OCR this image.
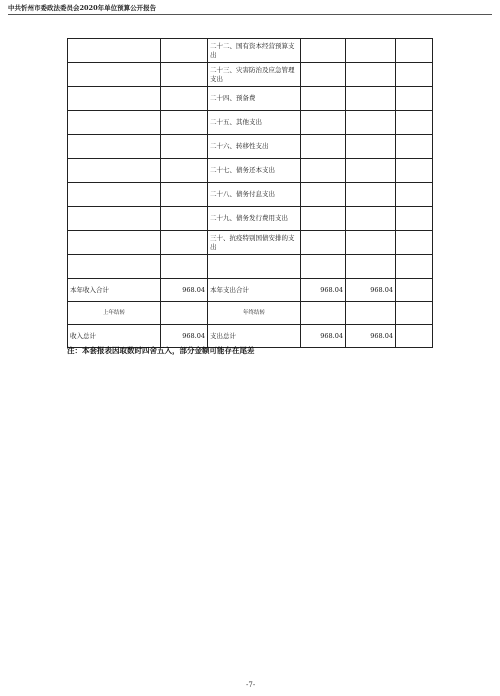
中共忻州市委政法委员会2020年单位预算公开报告
		二十二、国有资本经营预算支出			
		二十三、灾害防治及应急管理支出			
		二十四、预备费			
		二十五、其他支出			
		二十六、转移性支出			
		二十七、债务还本支出			
		二十八、债务付息支出			
		二十九、债务发行费用支出			
		三十、抗疫特别国债安排的支出			

本年收入合计	968.04	本年支出合计	968.04	968.04	
上年结转		年终结转			
收入总计	968.04	支出总计	968.04	968.04	
注：本套报表因取数时四舍五入，部分金额可能存在尾差
-7-
